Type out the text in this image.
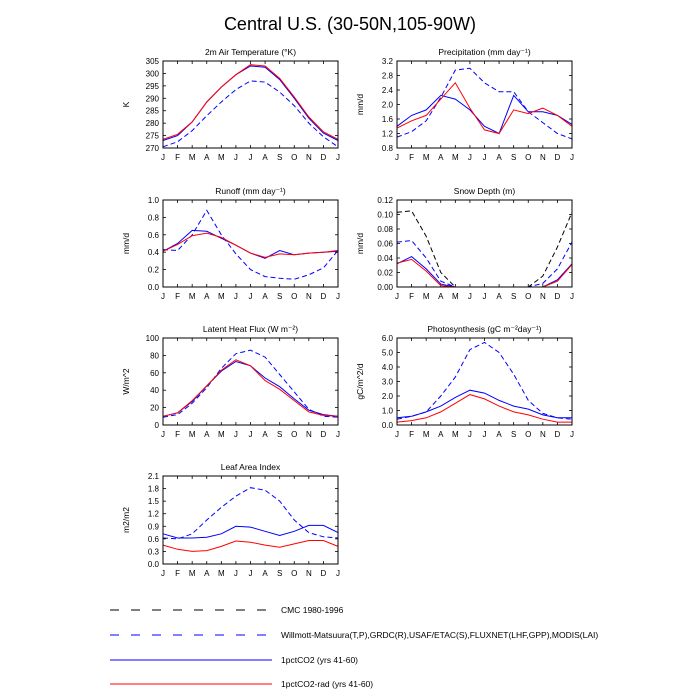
Central U.S. (30-50N,105-90W)
2m Air Temperature (°K)
270
275
280
285
290
295
300
305
J F M A M J J A S O N D J
K
Precipitation (mm day⁻¹)
0.8
1.2
1.6
2.0
2.4
2.8
3.2
J F M A M J J A S O N D J
mm/d
Runoff (mm day⁻¹)
0.0
0.2
0.4
0.6
0.8
1.0
J F M A M J J A S O N D J
mm/d
Snow Depth (m)
0.00
0.02
0.04
0.06
0.08
0.10
0.12
J F M A M J J A S O N D J
mm/d
Latent Heat Flux (W m⁻²)
0
20
40
60
80
100
J F M A M J J A S O N D J
W/m^2
Photosynthesis (gC m⁻²day⁻¹)
0.0
1.0
2.0
3.0
4.0
5.0
6.0
J F M A M J J A S O N D J
gC/m^2/d
Leaf Area Index
0.0
0.3
0.6
0.9
1.2
1.5
1.8
2.1
J F M A M J J A S O N D J
m2/m2
CMC 1980-1996
Willmott-Matsuura(T,P),GRDC(R),USAF/ETAC(S),FLUXNET(LHF,GPP),MODIS(LAI)
1pctCO2 (yrs 41-60)
1pctCO2-rad (yrs 41-60)
